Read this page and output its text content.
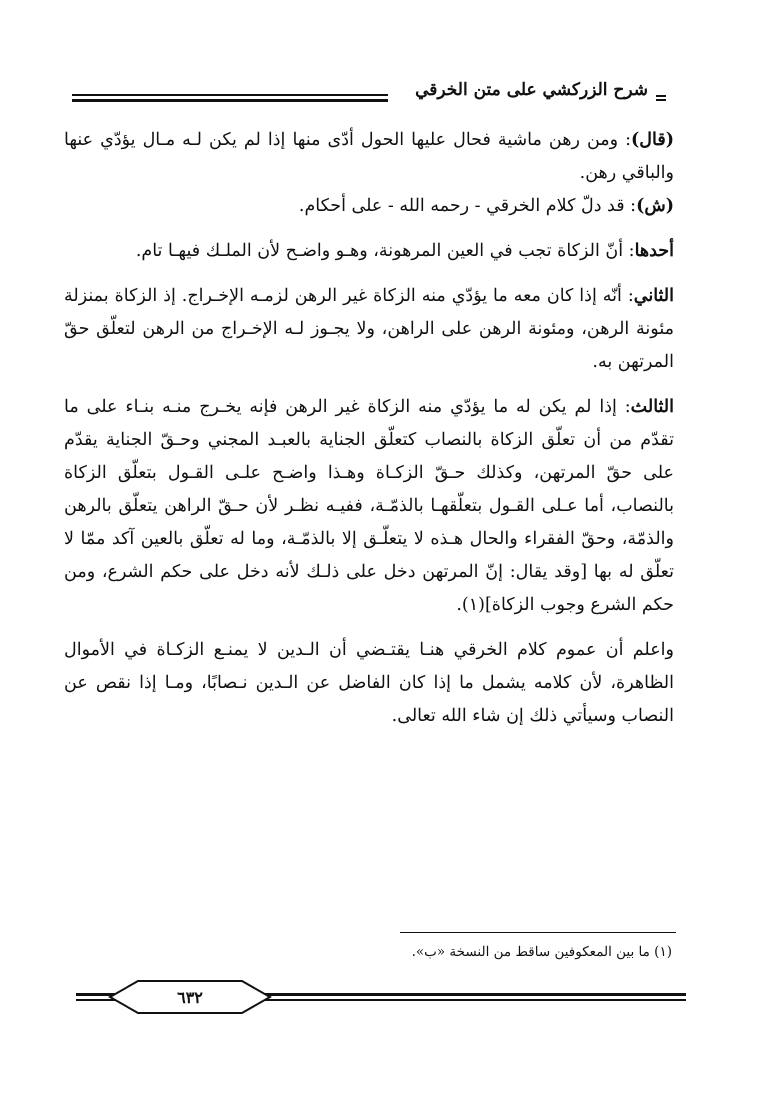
شرح الزركشي على متن الخرقي

(قال): ومن رهن ماشية فحال عليها الحول أدّى منها إذا لم يكن لـه مـال يؤدّي عنها والباقي رهن.

(ش): قد دلّ كلام الخرقي - رحمه الله - على أحكام.

أحدها: أنّ الزكاة تجب في العين المرهونة، وهـو واضـح لأن الملـك فيهـا تام.

الثاني: أنّه إذا كان معه ما يؤدّي منه الزكاة غير الرهن لزمـه الإخـراج. إذ الزكاة بمنزلة مئونة الرهن، ومئونة الرهن على الراهن، ولا يجـوز لـه الإخـراج من الرهن لتعلّق حقّ المرتهن به.

الثالث: إذا لم يكن له ما يؤدّي منه الزكاة غير الرهن فإنه يخـرج منـه بنـاء على ما تقدّم من أن تعلّق الزكاة بالنصاب كتعلّق الجناية بالعبـد المجني وحـقّ الجناية يقدّم على حقّ المرتهن، وكذلك حـقّ الزكـاة وهـذا واضـح علـى القـول بتعلّق الزكاة بالنصاب، أما عـلى القـول بتعلّقهـا بالذمّـة، ففيـه نظـر لأن حـقّ الراهن يتعلّق بالرهن والذمّة، وحقّ الفقراء والحال هـذه لا يتعلّـق إلا بالذمّـة، وما له تعلّق بالعين آكد ممّا لا تعلّق له بها [وقد يقال: إنّ المرتهن دخل على ذلـك لأنه دخل على حكم الشرع، ومن حكم الشرع وجوب الزكاة](١).

واعلم أن عموم كلام الخرقي هنـا يقتـضي أن الـدين لا يمنـع الزكـاة في الأموال الظاهرة، لأن كلامه يشمل ما إذا كان الفاضل عن الـدين نـصابًا، ومـا إذا نقص عن النصاب وسيأتي ذلك إن شاء الله تعالى.

(١) ما بين المعكوفين ساقط من النسخة «ب».
٦٣٢
